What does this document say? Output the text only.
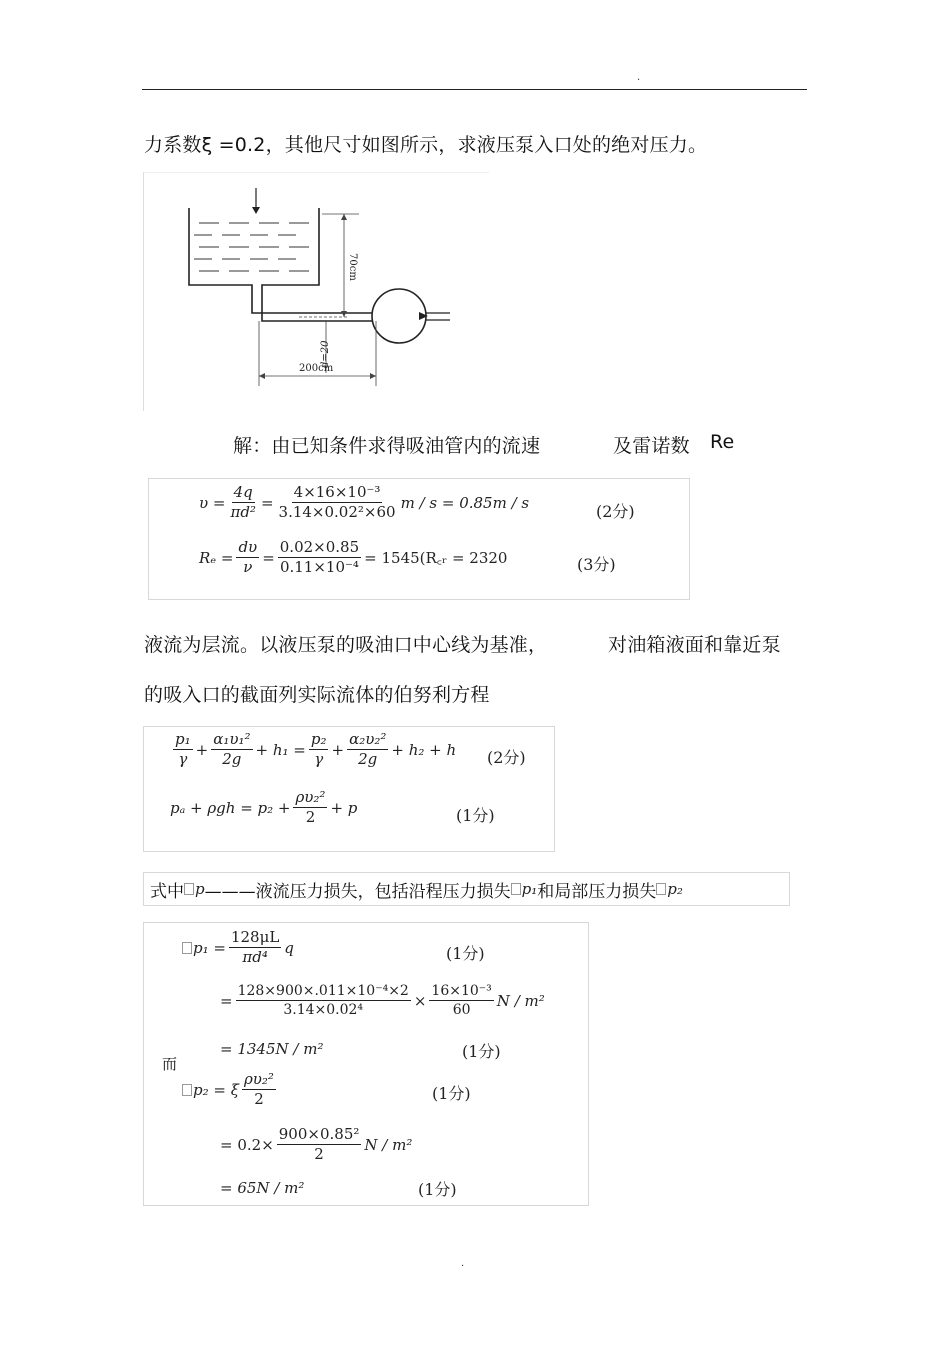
.
力系数ξ =0.2，其他尺寸如图所示，求液压泵入口处的绝对压力。
70cm
d=20
200cm
解：由已知条件求得吸油管内的流速	及雷诺数 Re
$\upsilon = \frac{4q}{\text{πd²}} = \frac{\text{4×16×10⁻³}}{\text{3.14×0.02²×60}}$ m / s = 0.85m / s	(2分)
$R_e = \frac{d\upsilon}{\nu} = \frac{0.02\times 0.85}{\text{0.11×10⁻⁴}}$ = 1545(R꜀ᵣ = 2320	(3分)
液流为层流。以液压泵的吸油口中心线为基准，	对油箱液面和靠近泵
的吸入口的截面列实际流体的伯努利方程
$\frac{\text{p₁}}{\gamma} + \frac{\text{α₁υ₁²}}{2g} + h_1 = \frac{\text{p₂}}{\gamma} + \frac{\text{α₂υ₂²}}{2g} + h_2 + h$ (2分)
$p_a + \rho gh = p_2 + \frac{\text{ρυ₂²}}{2} + p$	(1分)
式中 p ———液流压力损失，包括沿程压力损失 p₁ 和局部压力损失 p₂
$p_1 = \frac{128\mu L}{\text{πd⁴}}$ q	(1分)
= $\frac{\text{128×900×.011×10⁻⁴×2}}{\text{3.14×0.02⁴}} \times \frac{\text{16×10⁻³}}{60}$ N / m²
= 1345N / m²	(1分)
而
p₂ = ξ $\frac{\text{ρυ₂²}}{2}$	(1分)
= $0.2\times \frac{\text{900×0.85²}}{2}$ N / m²
= 65N / m²	(1分)
.
